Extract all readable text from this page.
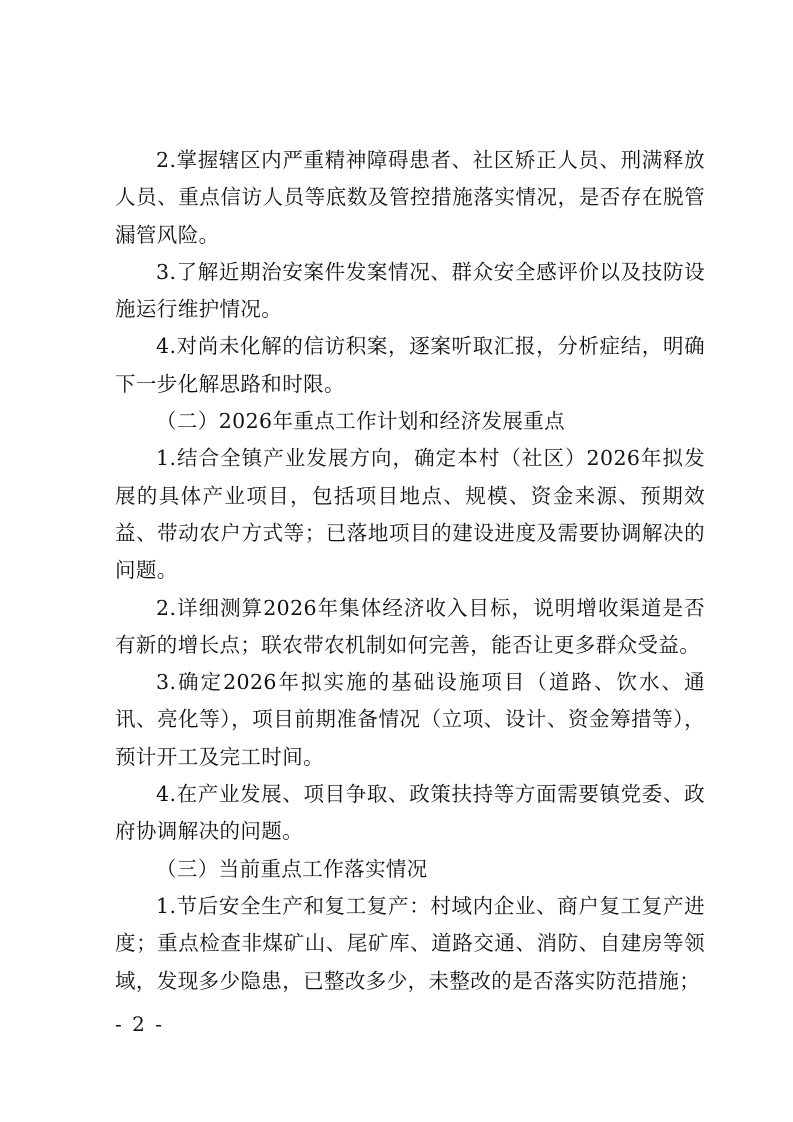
2.掌握辖区内严重精神障碍患者、社区矫正人员、刑满释放人员、重点信访人员等底数及管控措施落实情况，是否存在脱管漏管风险。

3.了解近期治安案件发案情况、群众安全感评价以及技防设施运行维护情况。

4.对尚未化解的信访积案，逐案听取汇报，分析症结，明确下一步化解思路和时限。

（二）2026年重点工作计划和经济发展重点

1.结合全镇产业发展方向，确定本村（社区）2026年拟发展的具体产业项目，包括项目地点、规模、资金来源、预期效益、带动农户方式等；已落地项目的建设进度及需要协调解决的问题。

2.详细测算2026年集体经济收入目标，说明增收渠道是否有新的增长点；联农带农机制如何完善，能否让更多群众受益。

3.确定2026年拟实施的基础设施项目（道路、饮水、通讯、亮化等），项目前期准备情况（立项、设计、资金筹措等），预计开工及完工时间。

4.在产业发展、项目争取、政策扶持等方面需要镇党委、政府协调解决的问题。

（三）当前重点工作落实情况

1.节后安全生产和复工复产：村域内企业、商户复工复产进度；重点检查非煤矿山、尾矿库、道路交通、消防、自建房等领域，发现多少隐患，已整改多少，未整改的是否落实防范措施；

- 2 -
